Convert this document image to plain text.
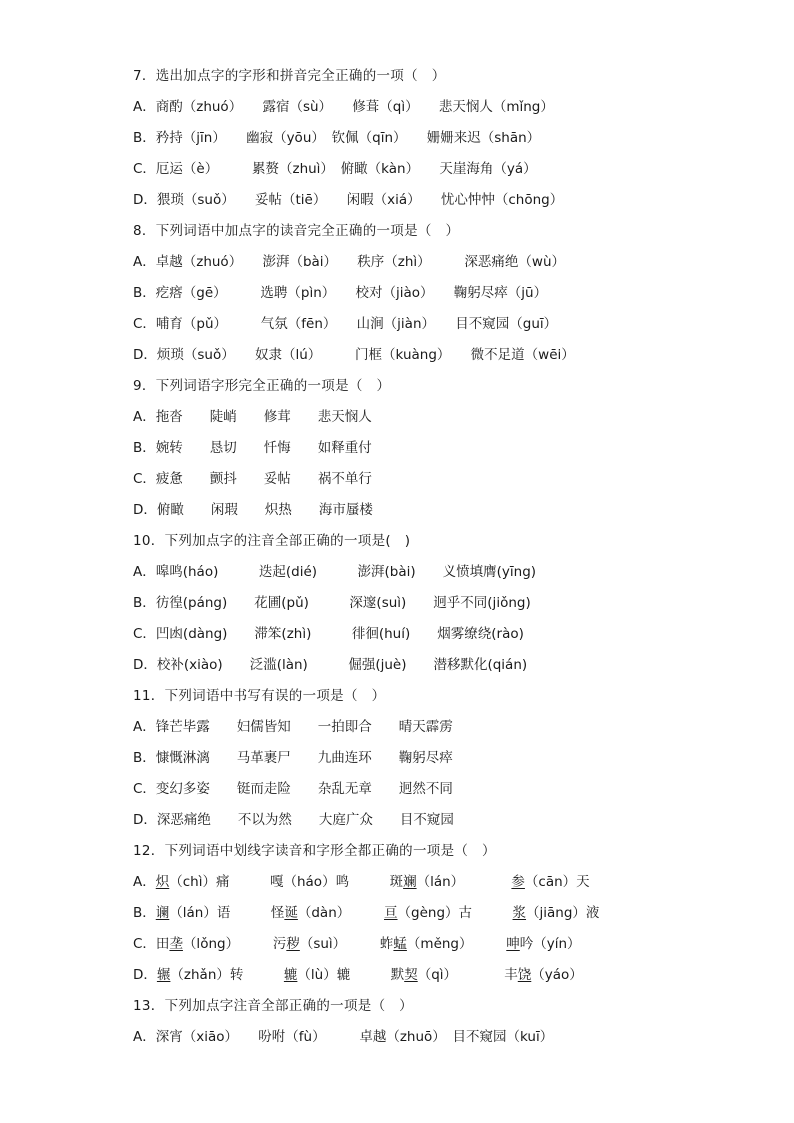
7．选出加点字的字形和拼音完全正确的一项（　）
A．商酌（zhuó）　　露宿（sù）　　修葺（qì）　　悲天悯人（mǐng）
B．矜持（jīn）　　幽寂（yōu）　钦佩（qīn）　　姗姗来迟（shān）
C．厄运（è）　　　累赘（zhuì）　俯瞰（kàn）　　天崖海角（yá）
D．猥琐（suǒ）　　妥帖（tiē）　　闲暇（xiá）　　忧心忡忡（chōng）
8．下列词语中加点字的读音完全正确的一项是（　）
A．卓越（zhuó）　　澎湃（bài）　　秩序（zhì）　　　深恶痛绝（wù）
B．疙瘩（gē）　　　选聘（pìn）　　校对（jiào）　　鞠躬尽瘁（jū）
C．哺育（pǔ）　　　气氛（fēn）　　山涧（jiàn）　　目不窥园（guī）
D．烦琐（suǒ）　　奴隶（lú）　　　门框（kuàng）　　微不足道（wēi）
9．下列词语字形完全正确的一项是（　）
A．拖沓　　陡峭　　修茸　　悲天悯人
B．婉转　　恳切　　忏悔　　如释重付
C．疲惫　　颤抖　　妥帖　　祸不单行
D．俯瞰　　闲瑕　　炽热　　海市蜃楼
10．下列加点字的注音全部正确的一项是(　)
A．嗥鸣(háo)　　　迭起(dié)　　　澎湃(bài)　　义愤填膺(yīng)
B．彷徨(páng)　　花圃(pǔ)　　　深邃(suì)　　迥乎不同(jiǒng)
C．凹凼(dàng)　　滞笨(zhì)　　　徘徊(huí)　　烟雾缭绕(rào)
D．校补(xiào)　　泛滥(làn)　　　倔强(juè)　　潜移默化(qián)
11．下列词语中书写有误的一项是（　）
A．锋芒毕露　　妇儒皆知　　一拍即合　　晴天霹雳
B．慷慨淋漓　　马革裹尸　　九曲连环　　鞠躬尽瘁
C．变幻多姿　　铤而走险　　杂乱无章　　迥然不同
D．深恶痛绝　　不以为然　　大庭广众　　目不窥园
12．下列词语中划线字读音和字形全都正确的一项是（　）
A．炽（chì）痛　　　嘎（háo）鸣　　　斑斓（lán）　　　　参（cān）天
B．谰（lán）语　　　怪诞（dàn）　　　亘（gèng）古　　　浆（jiāng）液
C．田垄（lǒng）　　　污秽（suì）　　　蚱蜢（měng）　　　呻吟（yín）
D．辗（zhǎn）转　　　辘（lù）辘　　　默契（qì）　　　　丰饶（yáo）
13．下列加点字注音全部正确的一项是（　）
A．深宵（xiāo）　　吩咐（fù）　　　卓越（zhuō）　目不窥园（kuī）
